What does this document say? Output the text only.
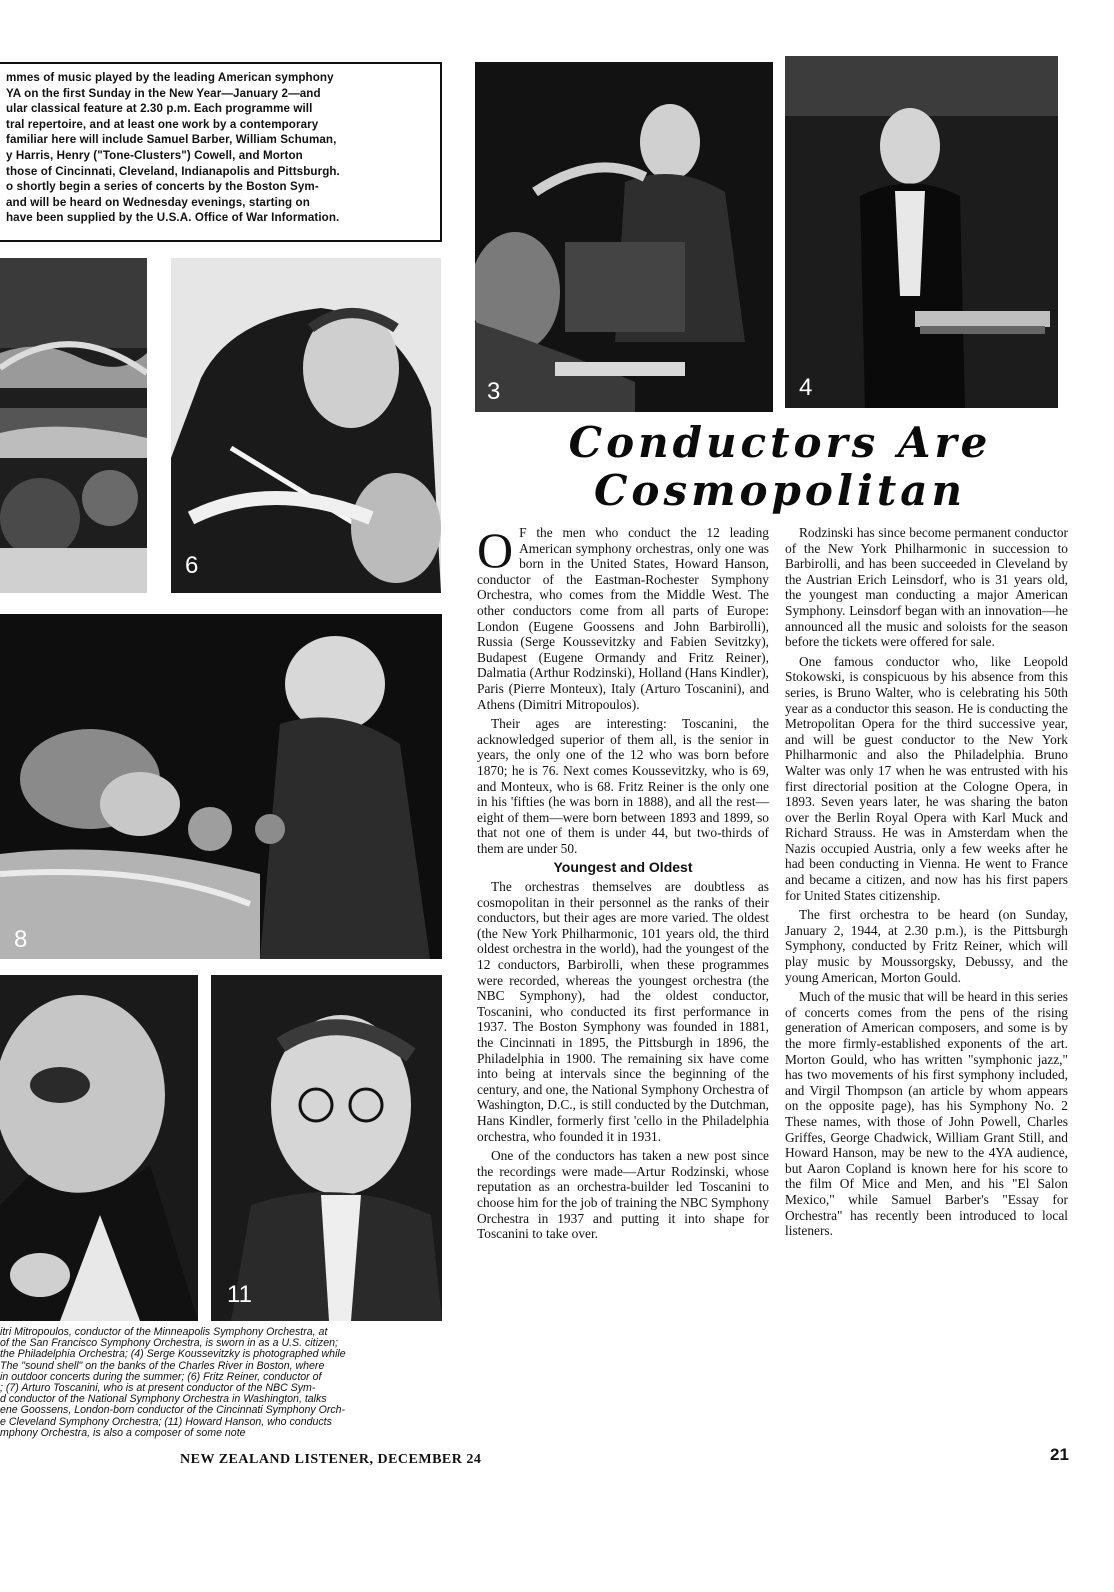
mmes of music played by the leading American symphony

YA on the first Sunday in the New Year—January 2—and

ular classical feature at 2.30 p.m. Each programme will

tral repertoire, and at least one work by a contemporary

familiar here will include Samuel Barber, William Schuman,

y Harris, Henry ("Tone-Clusters") Cowell, and Morton

those of Cincinnati, Cleveland, Indianapolis and Pittsburgh.

o shortly begin a series of concerts by the Boston Sym-

and will be heard on Wednesday evenings, starting on

have been supplied by the U.S.A. Office of War Information.

6
8
11
3	4
Conductors Are
Cosmopolitan

O F the men who conduct the 12 leading American symphony orchestras, only one was born in the United States, Howard Hanson, conductor of the Eastman-Rochester Symphony Orchestra, who comes from the Middle West. The other conductors come from all parts of Europe: London (Eugene Goossens and John Barbirolli), Russia (Serge Koussevitzky and Fabien Sevitzky), Budapest (Eugene Ormandy and Fritz Reiner), Dalmatia (Arthur Rodzinski), Holland (Hans Kindler), Paris (Pierre Monteux), Italy (Arturo Toscanini), and Athens (Dimitri Mitropoulos).

Their ages are interesting: Toscanini, the acknowledged superior of them all, is the senior in years, the only one of the 12 who was born before 1870; he is 76. Next comes Koussevitzky, who is 69, and Monteux, who is 68. Fritz Reiner is the only one in his 'fifties (he was born in 1888), and all the rest—eight of them—were born between 1893 and 1899, so that not one of them is under 44, but two-thirds of them are under 50.

Youngest and Oldest

The orchestras themselves are doubtless as cosmopolitan in their personnel as the ranks of their conductors, but their ages are more varied. The oldest (the New York Philharmonic, 101 years old, the third oldest orchestra in the world), had the youngest of the 12 conductors, Barbirolli, when these programmes were recorded, whereas the youngest orchestra (the NBC Symphony), had the oldest conductor, Toscanini, who conducted its first performance in 1937. The Boston Symphony was founded in 1881, the Cincinnati in 1895, the Pittsburgh in 1896, the Philadelphia in 1900. The remaining six have come into being at intervals since the beginning of the century, and one, the National Symphony Orchestra of Washington, D.C., is still conducted by the Dutchman, Hans Kindler, formerly first 'cello in the Philadelphia orchestra, who founded it in 1931.

One of the conductors has taken a new post since the recordings were made—Artur Rodzinski, whose reputation as an orchestra-builder led Toscanini to choose him for the job of training the NBC Symphony Orchestra in 1937 and putting it into shape for Toscanini to take over.

Rodzinski has since become permanent conductor of the New York Philharmonic in succession to Barbirolli, and has been succeeded in Cleveland by the Austrian Erich Leinsdorf, who is 31 years old, the youngest man conducting a major American Symphony. Leinsdorf began with an innovation—he announced all the music and soloists for the season before the tickets were offered for sale.

One famous conductor who, like Leopold Stokowski, is conspicuous by his absence from this series, is Bruno Walter, who is celebrating his 50th year as a conductor this season. He is conducting the Metropolitan Opera for the third successive year, and will be guest conductor to the New York Philharmonic and also the Philadelphia. Bruno Walter was only 17 when he was entrusted with his first directorial position at the Cologne Opera, in 1893. Seven years later, he was sharing the baton over the Berlin Royal Opera with Karl Muck and Richard Strauss. He was in Amsterdam when the Nazis occupied Austria, only a few weeks after he had been conducting in Vienna. He went to France and became a citizen, and now has his first papers for United States citizenship.

The first orchestra to be heard (on Sunday, January 2, 1944, at 2.30 p.m.), is the Pittsburgh Symphony, conducted by Fritz Reiner, which will play music by Moussorgsky, Debussy, and the young American, Morton Gould.

Much of the music that will be heard in this series of concerts comes from the pens of the rising generation of American composers, and some is by the more firmly-established exponents of the art. Morton Gould, who has written "symphonic jazz," has two movements of his first symphony included, and Virgil Thompson (an article by whom appears on the opposite page), has his Symphony No. 2 These names, with those of John Powell, Charles Griffes, George Chadwick, William Grant Still, and Howard Hanson, may be new to the 4YA audience, but Aaron Copland is known here for his score to the film Of Mice and Men, and his "El Salon Mexico," while Samuel Barber's "Essay for Orchestra" has recently been introduced to local listeners.

itri Mitropoulos, conductor of the Minneapolis Symphony Orchestra, at
of the San Francisco Symphony Orchestra, is sworn in as a U.S. citizen;
the Philadelphia Orchestra; (4) Serge Koussevitzky is photographed while
The "sound shell" on the banks of the Charles River in Boston, where
in outdoor concerts during the summer; (6) Fritz Reiner, conductor of
; (7) Arturo Toscanini, who is at present conductor of the NBC Sym-
d conductor of the National Symphony Orchestra in Washington, talks
ene Goossens, London-born conductor of the Cincinnati Symphony Orch-
e Cleveland Symphony Orchestra; (11) Howard Hanson, who conducts
mphony Orchestra, is also a composer of some note
NEW ZEALAND LISTENER, DECEMBER 24	21
